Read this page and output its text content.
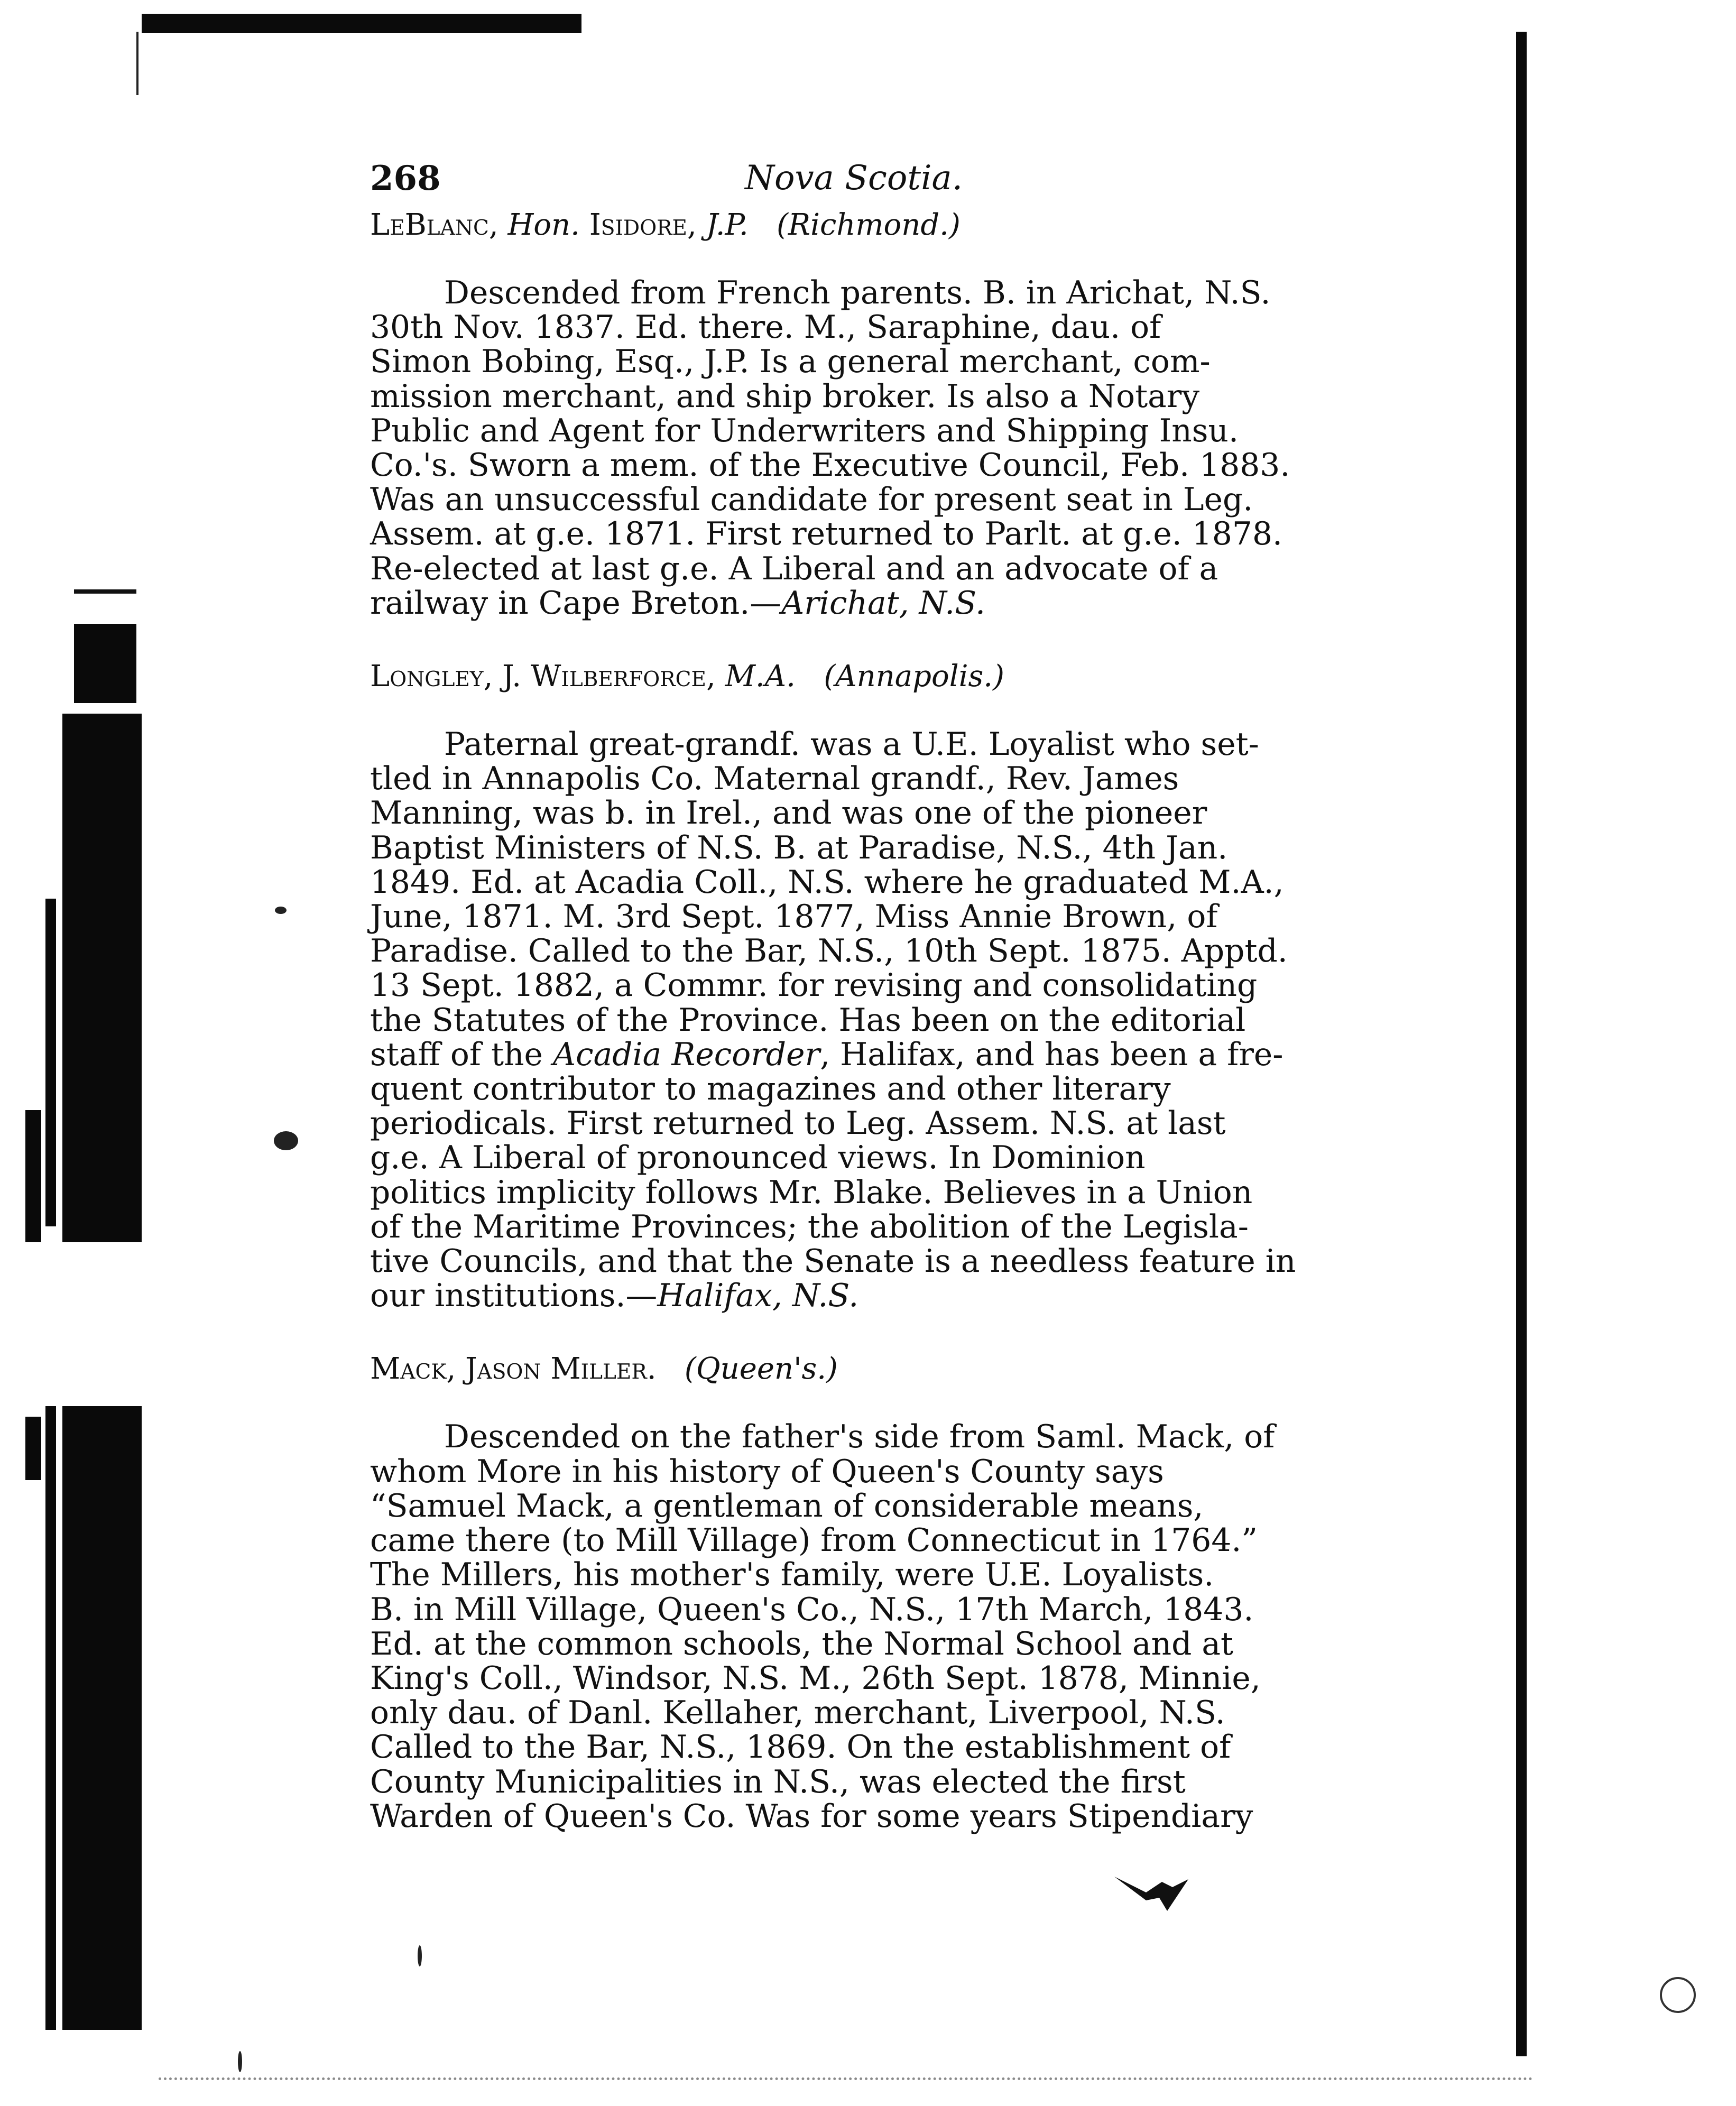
268	Nova Scotia.

LeBlanc, Hon. Isidore, J.P. (Richmond.)

Descended from French parents. B. in Arichat, N.S.
30th Nov. 1837. Ed. there. M., Saraphine, dau. of
Simon Bobing, Esq., J.P. Is a general merchant, com-
mission merchant, and ship broker. Is also a Notary
Public and Agent for Underwriters and Shipping Insu.
Co.'s. Sworn a mem. of the Executive Council, Feb. 1883.
Was an unsuccessful candidate for present seat in Leg.
Assem. at g.e. 1871. First returned to Parlt. at g.e. 1878.
Re-elected at last g.e. A Liberal and an advocate of a
railway in Cape Breton.—Arichat, N.S.

Longley, J. Wilberforce, M.A. (Annapolis.)

Paternal great-grandf. was a U.E. Loyalist who set-
tled in Annapolis Co. Maternal grandf., Rev. James
Manning, was b. in Irel., and was one of the pioneer
Baptist Ministers of N.S. B. at Paradise, N.S., 4th Jan.
1849. Ed. at Acadia Coll., N.S. where he graduated M.A.,
June, 1871. M. 3rd Sept. 1877, Miss Annie Brown, of
Paradise. Called to the Bar, N.S., 10th Sept. 1875. Apptd.
13 Sept. 1882, a Commr. for revising and consolidating
the Statutes of the Province. Has been on the editorial
staff of the Acadia Recorder, Halifax, and has been a fre-
quent contributor to magazines and other literary
periodicals. First returned to Leg. Assem. N.S. at last
g.e. A Liberal of pronounced views. In Dominion
politics implicity follows Mr. Blake. Believes in a Union
of the Maritime Provinces; the abolition of the Legisla-
tive Councils, and that the Senate is a needless feature in
our institutions.—Halifax, N.S.

Mack, Jason Miller. (Queen's.)

Descended on the father's side from Saml. Mack, of
whom More in his history of Queen's County says
“Samuel Mack, a gentleman of considerable means,
came there (to Mill Village) from Connecticut in 1764.”
The Millers, his mother's family, were U.E. Loyalists.
B. in Mill Village, Queen's Co., N.S., 17th March, 1843.
Ed. at the common schools, the Normal School and at
King's Coll., Windsor, N.S. M., 26th Sept. 1878, Minnie,
only dau. of Danl. Kellaher, merchant, Liverpool, N.S.
Called to the Bar, N.S., 1869. On the establishment of
County Municipalities in N.S., was elected the first
Warden of Queen's Co. Was for some years Stipendiary
